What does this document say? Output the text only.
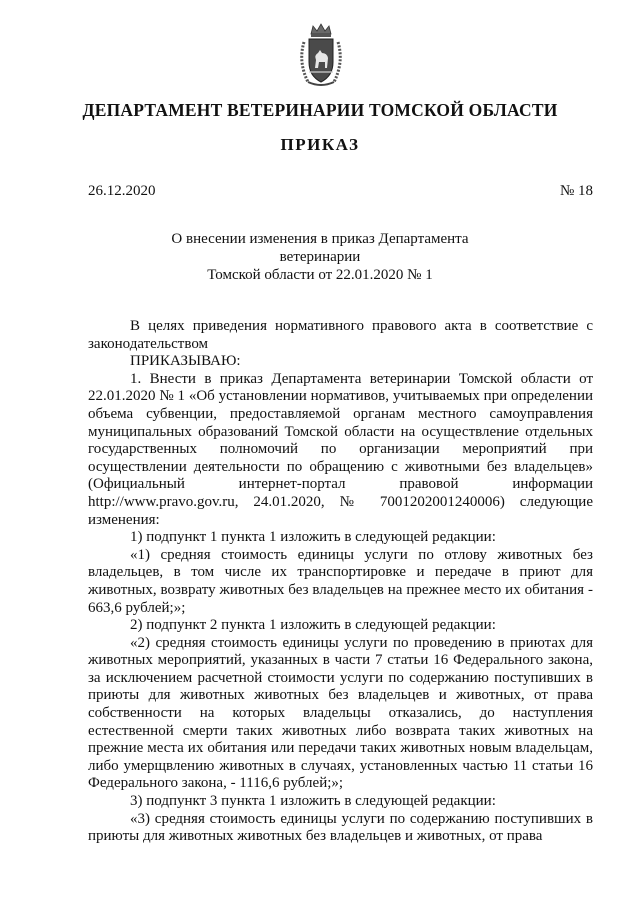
ДЕПАРТАМЕНТ ВЕТЕРИНАРИИ ТОМСКОЙ ОБЛАСТИ
ПРИКАЗ
26.12.2020	№ 18
О внесении изменения в приказ Департамента ветеринарии
Томской области от 22.01.2020 № 1

В целях приведения нормативного правового акта в соответствие с законодательством

ПРИКАЗЫВАЮ:

1. Внести в приказ Департамента ветеринарии Томской области от 22.01.2020 № 1 «Об установлении нормативов, учитываемых при определении объема субвенции, предоставляемой органам местного самоуправления муниципальных образований Томской области на осуществление отдельных государственных полномочий по организации мероприятий при осуществлении деятельности по обращению с животными без владельцев» (Официальный интернет-портал правовой информации http://www.pravo.gov.ru, 24.01.2020, № 7001202001240006) следующие изменения:

1) подпункт 1 пункта 1 изложить в следующей редакции:

«1) средняя стоимость единицы услуги по отлову животных без владельцев, в том числе их транспортировке и передаче в приют для животных, возврату животных без владельцев на прежнее место их обитания - 663,6 рублей;»;

2) подпункт 2 пункта 1 изложить в следующей редакции:

«2) средняя стоимость единицы услуги по проведению в приютах для животных мероприятий, указанных в части 7 статьи 16 Федерального закона, за исключением расчетной стоимости услуги по содержанию поступивших в приюты для животных животных без владельцев и животных, от права собственности на которых владельцы отказались, до наступления естественной смерти таких животных либо возврата таких животных на прежние места их обитания или передачи таких животных новым владельцам, либо умерщвлению животных в случаях, установленных частью 11 статьи 16 Федерального закона, - 1116,6 рублей;»;

3) подпункт 3 пункта 1 изложить в следующей редакции:

«3) средняя стоимость единицы услуги по содержанию поступивших в приюты для животных животных без владельцев и животных, от права
